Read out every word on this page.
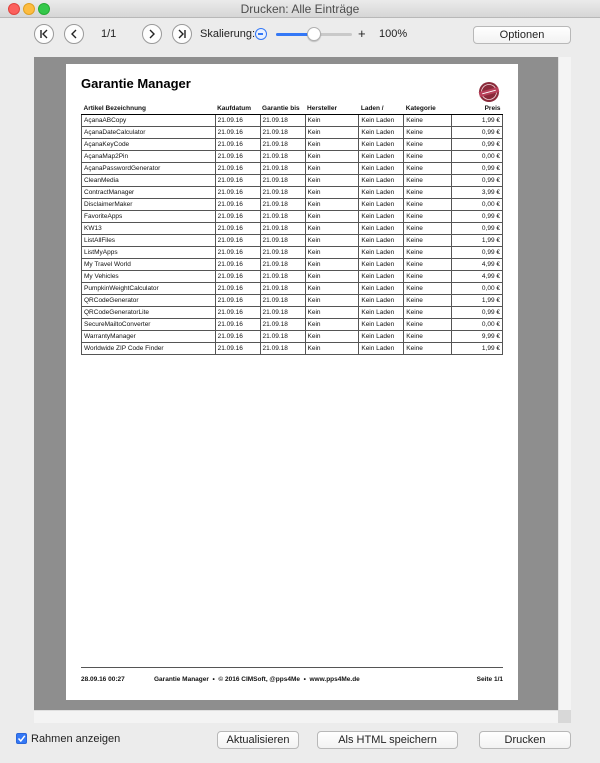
Drucken: Alle Einträge
1/1	Skalierung:	+ 100%	Optionen
Garantie Manager
Artikel Bezeichnung	Kaufdatum	Garantie bis	Hersteller	Laden /	Kategorie	Preis
AçanaABCopy	21.09.16	21.09.18	Kein	Kein Laden	Keine	1,99 €
AçanaDateCalculator	21.09.16	21.09.18	Kein	Kein Laden	Keine	0,99 €
AçanaKeyCode	21.09.16	21.09.18	Kein	Kein Laden	Keine	0,99 €
AçanaMap2Pin	21.09.16	21.09.18	Kein	Kein Laden	Keine	0,00 €
AçanaPasswordGenerator	21.09.16	21.09.18	Kein	Kein Laden	Keine	0,99 €
CleanMedia	21.09.16	21.09.18	Kein	Kein Laden	Keine	0,99 €
ContractManager	21.09.16	21.09.18	Kein	Kein Laden	Keine	3,99 €
DisclaimerMaker	21.09.16	21.09.18	Kein	Kein Laden	Keine	0,00 €
FavoriteApps	21.09.16	21.09.18	Kein	Kein Laden	Keine	0,99 €
KW13	21.09.16	21.09.18	Kein	Kein Laden	Keine	0,99 €
ListAllFiles	21.09.16	21.09.18	Kein	Kein Laden	Keine	1,99 €
ListMyApps	21.09.16	21.09.18	Kein	Kein Laden	Keine	0,99 €
My Travel World	21.09.16	21.09.18	Kein	Kein Laden	Keine	4,99 €
My Vehicles	21.09.16	21.09.18	Kein	Kein Laden	Keine	4,99 €
PumpkinWeightCalculator	21.09.16	21.09.18	Kein	Kein Laden	Keine	0,00 €
QRCodeGenerator	21.09.16	21.09.18	Kein	Kein Laden	Keine	1,99 €
QRCodeGeneratorLite	21.09.16	21.09.18	Kein	Kein Laden	Keine	0,99 €
SecureMailtoConverter	21.09.16	21.09.18	Kein	Kein Laden	Keine	0,00 €
WarrantyManager	21.09.16	21.09.18	Kein	Kein Laden	Keine	9,99 €
Worldwide ZIP Code Finder	21.09.16	21.09.18	Kein	Kein Laden	Keine	1,99 €
28.09.16 00:27	Garantie Manager  •  © 2016 CIMSoft, @pps4Me  •  www.pps4Me.de	Seite 1/1
Rahmen anzeigen	Aktualisieren	Als HTML speichern	Drucken
